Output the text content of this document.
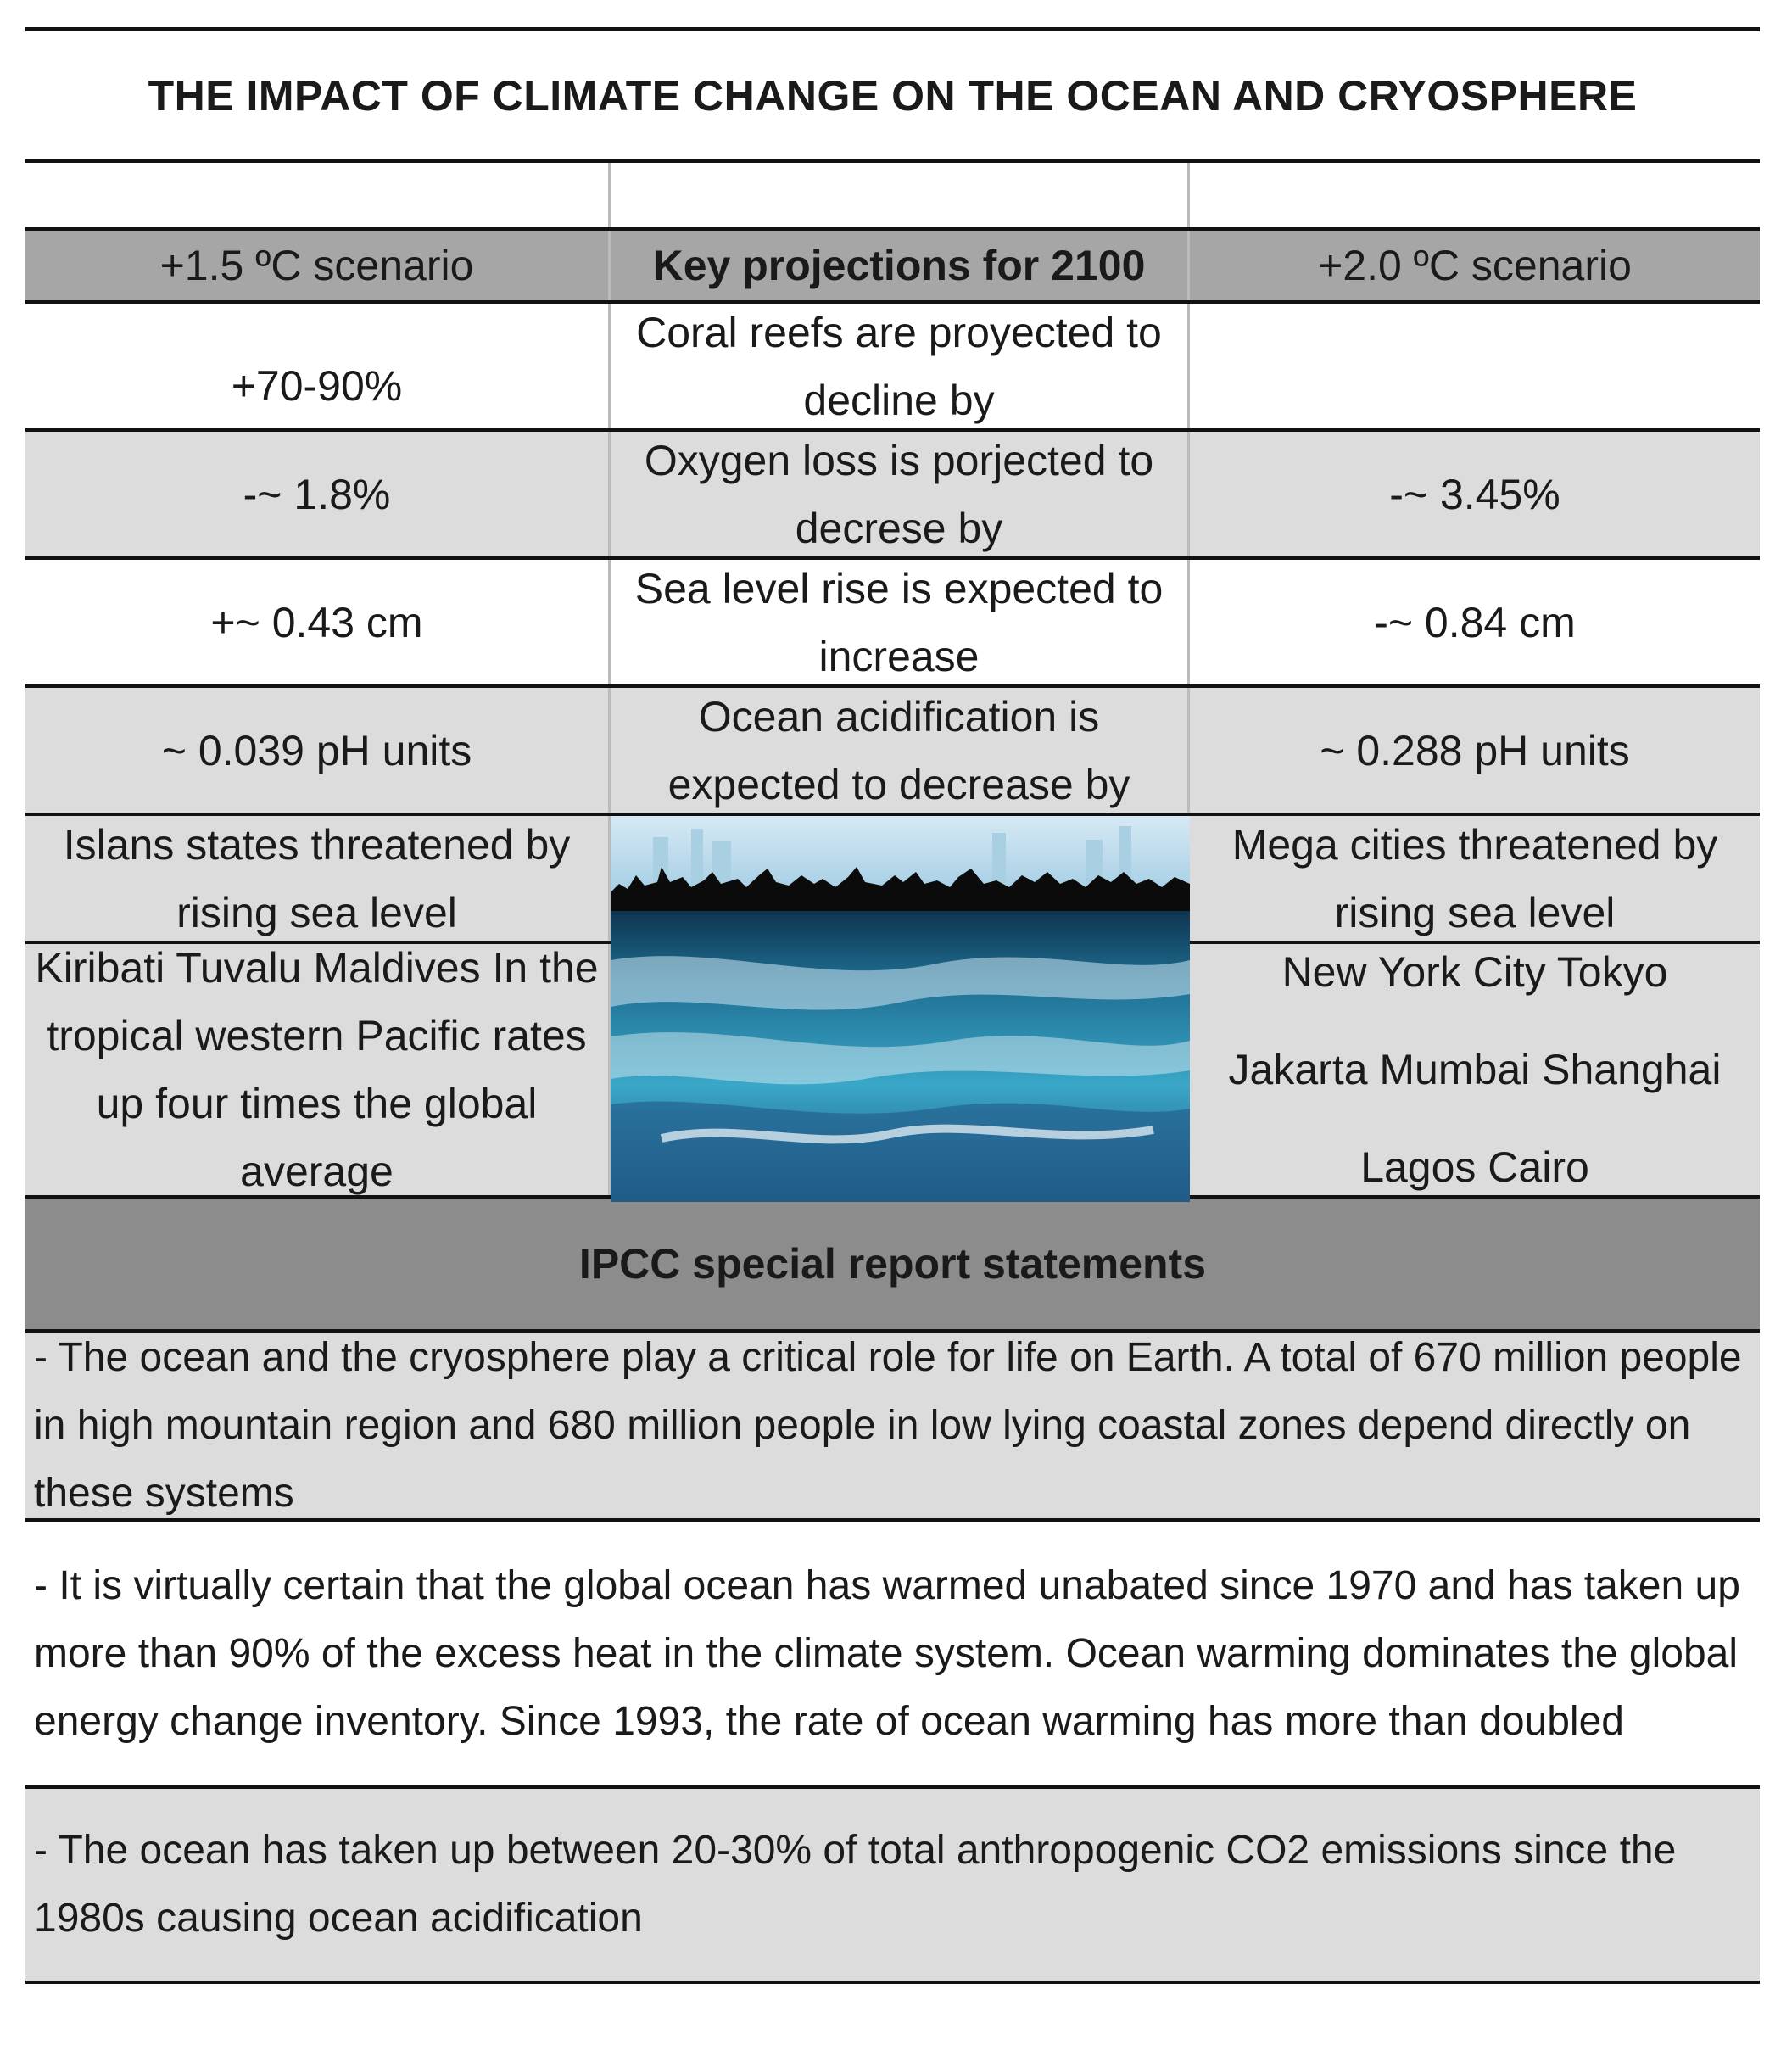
THE IMPACT OF CLIMATE CHANGE ON THE OCEAN AND CRYOSPHERE
+1.5 ºC scenario	Key projections for 2100	+2.0 ºC scenario
+70-90%
Coral reefs are proyected to decline by
-~ 1.8%
Oxygen loss is porjected to decrese by
-~ 3.45%
+~ 0.43 cm
Sea level rise is expected to increase
-~ 0.84 cm
~ 0.039 pH units
Ocean acidification is expected to decrease by
~ 0.288 pH units
Islans states threatened by rising sea level
Mega cities threatened by rising sea level
Kiribati Tuvalu Maldives In the tropical western Pacific rates up four times the global average
New York City Tokyo
Jakarta Mumbai Shanghai
Lagos Cairo
IPCC special report statements
- The ocean and the cryosphere play a critical role for life on Earth. A total of 670 million people in high mountain region and 680 million people in low lying coastal zones depend directly on these systems
- It is virtually certain that the global ocean has warmed unabated since 1970 and has taken up more than 90% of the excess heat in the climate system. Ocean warming dominates the global energy change inventory. Since 1993, the rate of ocean warming has more than doubled
- The ocean has taken up between 20-30% of total anthropogenic CO2 emissions since the 1980s causing ocean acidification
